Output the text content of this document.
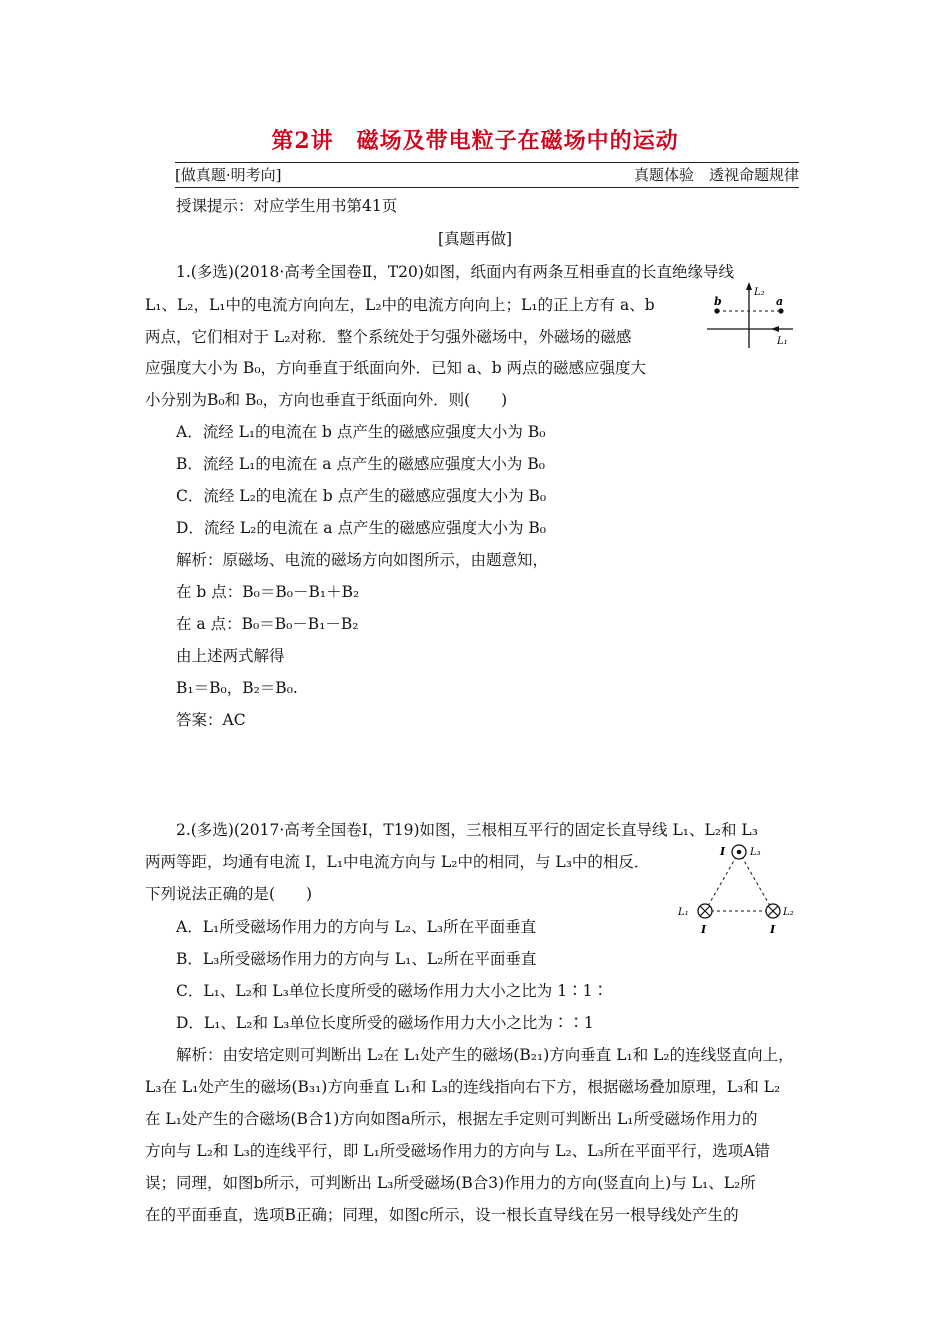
第2讲　磁场及带电粒子在磁场中的运动
[做真题·明考向]	真题体验　透视命题规律
授课提示：对应学生用书第41页
[真题再做]
1.(多选)(2018·高考全国卷Ⅱ，T20)如图，纸面内有两条互相垂直的长直绝缘导线
L₁、L₂，L₁中的电流方向向左，L₂中的电流方向向上；L₁的正上方有 a、b
两点，它们相对于 L₂对称．整个系统处于匀强外磁场中，外磁场的磁感
应强度大小为 B₀，方向垂直于纸面向外．已知 a、b 两点的磁感应强度大
小分别为B₀和 B₀，方向也垂直于纸面向外．则(　　)
A．流经 L₁的电流在 b 点产生的磁感应强度大小为 B₀
B．流经 L₁的电流在 a 点产生的磁感应强度大小为 B₀
C．流经 L₂的电流在 b 点产生的磁感应强度大小为 B₀
D．流经 L₂的电流在 a 点产生的磁感应强度大小为 B₀
解析：原磁场、电流的磁场方向如图所示，由题意知，
在 b 点：B₀＝B₀－B₁＋B₂
在 a 点：B₀＝B₀－B₁－B₂
由上述两式解得
B₁＝B₀，B₂＝B₀.
答案：AC
b	a
L₂
L₁
2.(多选)(2017·高考全国卷Ⅰ，T19)如图，三根相互平行的固定长直导线 L₁、L₂和 L₃
两两等距，均通有电流 I，L₁中电流方向与 L₂中的相同，与 L₃中的相反．
下列说法正确的是(　　)
A．L₁所受磁场作用力的方向与 L₂、L₃所在平面垂直
B．L₃所受磁场作用力的方向与 L₁、L₂所在平面垂直
C．L₁、L₂和 L₃单位长度所受的磁场作用力大小之比为 1∶1∶
D．L₁、L₂和 L₃单位长度所受的磁场作用力大小之比为∶∶1
解析：由安培定则可判断出 L₂在 L₁处产生的磁场(B₂₁)方向垂直 L₁和 L₂的连线竖直向上，
L₃在 L₁处产生的磁场(B₃₁)方向垂直 L₁和 L₃的连线指向右下方，根据磁场叠加原理，L₃和 L₂
在 L₁处产生的合磁场(B合1)方向如图a所示，根据左手定则可判断出 L₁所受磁场作用力的
方向与 L₂和 L₃的连线平行，即 L₁所受磁场作用力的方向与 L₂、L₃所在平面平行，选项A错
误；同理，如图b所示，可判断出 L₃所受磁场(B合3)作用力的方向(竖直向上)与 L₁、L₂所
在的平面垂直，选项B正确；同理，如图c所示，设一根长直导线在另一根导线处产生的
I L₃
L₁	L₂
I	I
